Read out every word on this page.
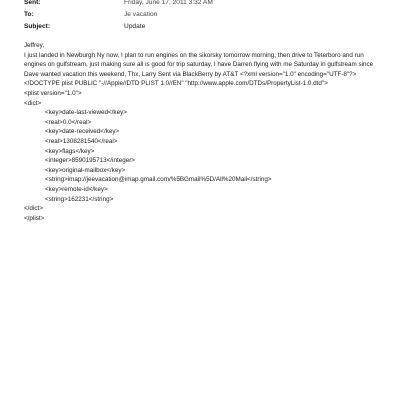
Sent:	Friday, June 17, 2011 3:32 AM
To:	Je vacation
Subject:	Update
Jeffrey,
I just landed in Newburgh Ny now, I plan to run engines on the sikorsky tomorrow morning, then drive to Teterboro and run engines on gulfstream, just making sure all is good for trip saturday, I have Darren flying with me Saturday in gulfstream since Dave wanted vacation this weekend, Thx, Larry Sent via BlackBerry by AT&T <?xml version="1.0" encoding="UTF-8"?> <!DOCTYPE plist PUBLIC "-//Apple//DTD PLIST 1.0//EN" "http://www.apple.com/DTDs/PropertyList-1.0.dtd">
<plist version="1.0">
<dict>
<key>date-last-viewed</key>
<real>0.0</real>
<key>date-received</key>
<real>1308281540</real>
<key>flags</key>
<integer>8590195713</integer>
<key>original-mailbox</key>
<string>imap://jeevacation@imap.gmail.com/%5BGmail%5D/All%20Mail</string>
<key>remote-id</key>
<string>162231</string>
</dict>
</plist>
